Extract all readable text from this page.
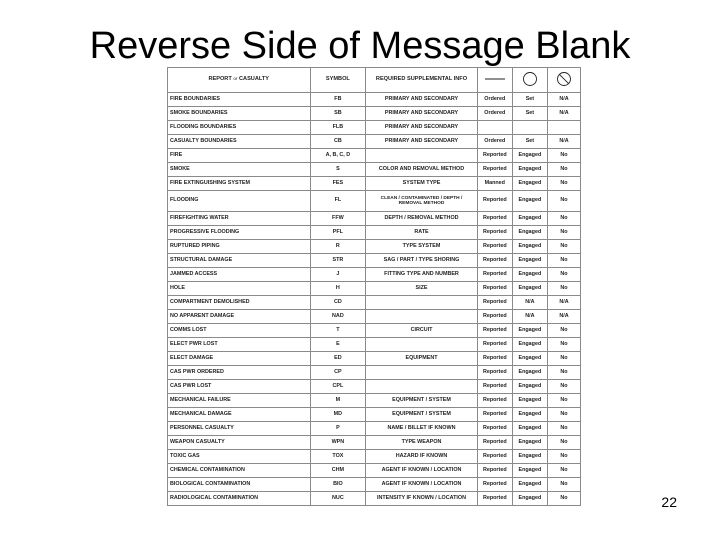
Reverse Side of Message Blank
REPORT or CASUALTY	SYMBOL	REQUIRED SUPPLEMENTAL INFO			
FIRE BOUNDARIES	FB	PRIMARY AND SECONDARY	Ordered	Set	N/A
SMOKE BOUNDARIES	SB	PRIMARY AND SECONDARY	Ordered	Set	N/A
FLOODING BOUNDARIES	FLB	PRIMARY AND SECONDARY			
CASUALTY BOUNDARIES	CB	PRIMARY AND SECONDARY	Ordered	Set	N/A
FIRE	A, B, C, D		Reported	Engaged	No
SMOKE	S	COLOR AND REMOVAL METHOD	Reported	Engaged	No
FIRE EXTINGUISHING SYSTEM	FES	SYSTEM TYPE	Manned	Engaged	No
FLOODING	FL	CLEAN / CONTAMINATED / DEPTH / REMOVAL METHOD	Reported	Engaged	No
FIREFIGHTING WATER	FFW	DEPTH / REMOVAL METHOD	Reported	Engaged	No
PROGRESSIVE FLOODING	PFL	RATE	Reported	Engaged	No
RUPTURED PIPING	R	TYPE SYSTEM	Reported	Engaged	No
STRUCTURAL DAMAGE	STR	SAG / PART / TYPE SHORING	Reported	Engaged	No
JAMMED ACCESS	J	FITTING TYPE AND NUMBER	Reported	Engaged	No
HOLE	H	SIZE	Reported	Engaged	No
COMPARTMENT DEMOLISHED	CD		Reported	N/A	N/A
NO APPARENT DAMAGE	NAD		Reported	N/A	N/A
COMMS LOST	T	CIRCUIT	Reported	Engaged	No
ELECT PWR LOST	E		Reported	Engaged	No
ELECT DAMAGE	ED	EQUIPMENT	Reported	Engaged	No
CAS PWR ORDERED	CP		Reported	Engaged	No
CAS PWR LOST	CPL		Reported	Engaged	No
MECHANICAL FAILURE	M	EQUIPMENT / SYSTEM	Reported	Engaged	No
MECHANICAL DAMAGE	MD	EQUIPMENT / SYSTEM	Reported	Engaged	No
PERSONNEL CASUALTY	P	NAME / BILLET IF KNOWN	Reported	Engaged	No
WEAPON CASUALTY	WPN	TYPE WEAPON	Reported	Engaged	No
TOXIC GAS	TOX	HAZARD IF KNOWN	Reported	Engaged	No
CHEMICAL CONTAMINATION	CHM	AGENT IF KNOWN / LOCATION	Reported	Engaged	No
BIOLOGICAL CONTAMINATION	BIO	AGENT IF KNOWN / LOCATION	Reported	Engaged	No
RADIOLOGICAL CONTAMINATION	NUC	INTENSITY IF KNOWN / LOCATION	Reported	Engaged	No	22
